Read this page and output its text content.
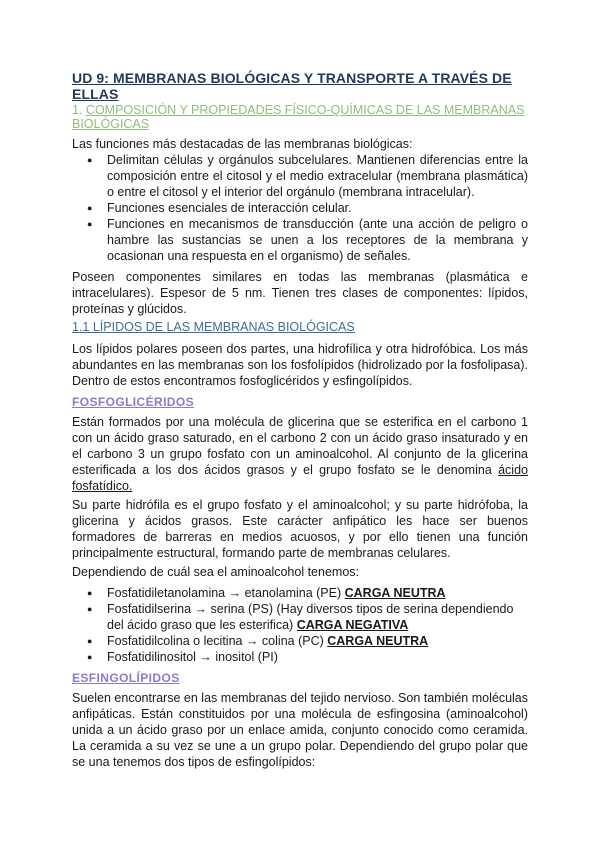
UD 9: MEMBRANAS BIOLÓGICAS Y TRANSPORTE A TRAVÉS DE ELLAS
1. COMPOSICIÓN Y PROPIEDADES FÍSICO-QUÍMICAS DE LAS MEMBRANAS BIOLÓGICAS

Las funciones más destacadas de las membranas biológicas:

● Delimitan células y orgánulos subcelulares. Mantienen diferencias entre la composición entre el citosol y el medio extracelular (membrana plasmática) o entre el citosol y el interior del orgánulo (membrana intracelular).
● Funciones esenciales de interacción celular.
● Funciones en mecanismos de transducción (ante una acción de peligro o hambre las sustancias se unen a los receptores de la membrana y ocasionan una respuesta en el organismo) de señales.

Poseen componentes similares en todas las membranas (plasmática e intracelulares). Espesor de 5 nm. Tienen tres clases de componentes: lípidos, proteínas y glúcidos.

1.1 LÍPIDOS DE LAS MEMBRANAS BIOLÓGICAS

Los lípidos polares poseen dos partes, una hidrofílica y otra hidrofóbica. Los más abundantes en las membranas son los fosfolípidos (hidrolizado por la fosfolipasa). Dentro de estos encontramos fosfoglicéridos y esfingolípidos.

FOSFOGLICÉRIDOS

Están formados por una molécula de glicerina que se esterifica en el carbono 1 con un ácido graso saturado, en el carbono 2 con un ácido graso insaturado y en el carbono 3 un grupo fosfato con un aminoalcohol. Al conjunto de la glicerina esterificada a los dos ácidos grasos y el grupo fosfato se le denomina ácido fosfatídico.

Su parte hidrófila es el grupo fosfato y el aminoalcohol; y su parte hidrófoba, la glicerina y ácidos grasos. Este carácter anfipático les hace ser buenos formadores de barreras en medios acuosos, y por ello tienen una función principalmente estructural, formando parte de membranas celulares.

Dependiendo de cuál sea el aminoalcohol tenemos:

● Fosfatidiletanolamina → etanolamina (PE) CARGA NEUTRA
● Fosfatidilserina → serina (PS) (Hay diversos tipos de serina dependiendo del ácido graso que les esterifica) CARGA NEGATIVA
● Fosfatidilcolina o lecitina → colina (PC) CARGA NEUTRA
● Fosfatidilinositol → inositol (PI)
ESFINGOLÍPIDOS

Suelen encontrarse en las membranas del tejido nervioso. Son también moléculas anfipáticas. Están constituidos por una molécula de esfingosina (aminoalcohol) unida a un ácido graso por un enlace amida, conjunto conocido como ceramida. La ceramida a su vez se une a un grupo polar. Dependiendo del grupo polar que se una tenemos dos tipos de esfingolípidos:
